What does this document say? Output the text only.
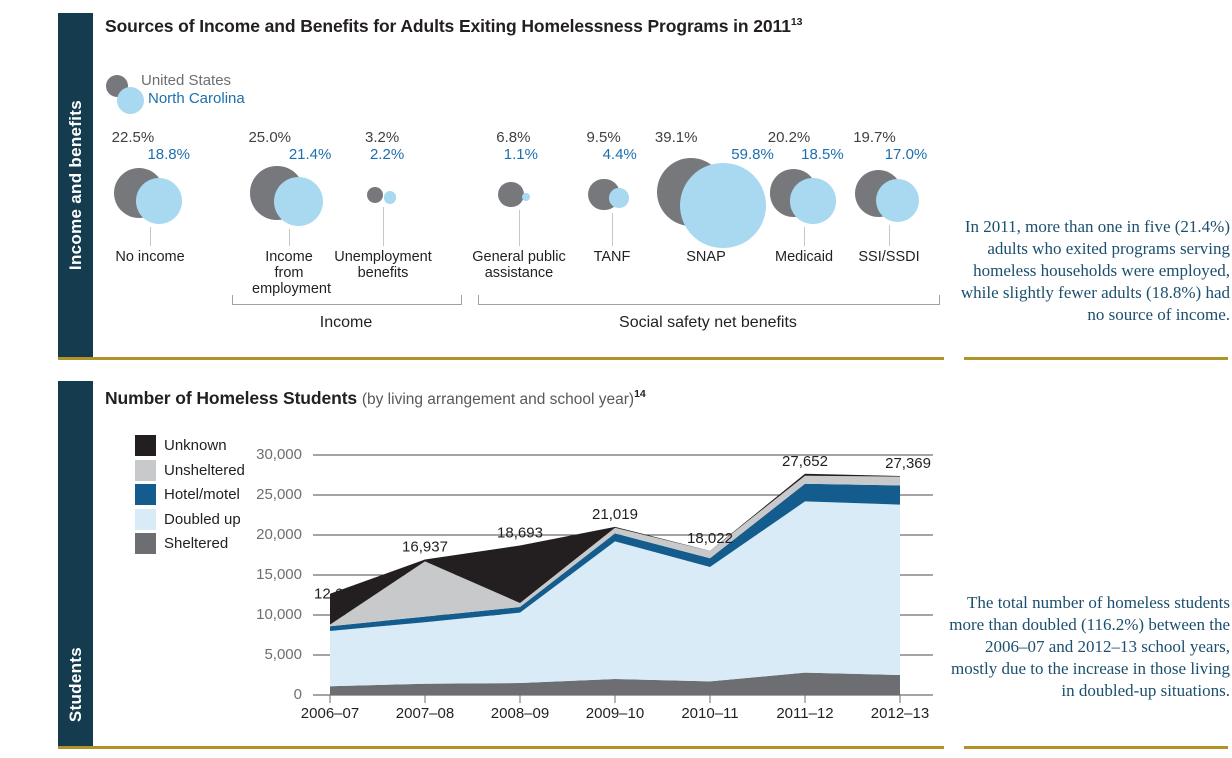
Income and benefits
Sources of Income and Benefits for Adults Exiting Homelessness Programs in 2011$^{13}$
United States
North Carolina
22.5%
18.8%
No income
25.0%
21.4%
Income from employment
3.2%
2.2%
Unemployment benefits
6.8%
1.1%
General public assistance
9.5%
4.4%
TANF
39.1%
59.8%
SNAP
20.2%
18.5%
Medicaid
19.7%
17.0%
SSI/SSDI
Income	Social safety net benefits
In 2011, more than one in five (21.4%) adults who exited programs serving homeless households were employed, while slightly fewer adults (18.8%) had no source of income.
Students
Number of Homeless Students (by living arrangement and school year)$^{14}$
Unknown
Unsheltered
Hotel/motel
Doubled up
Sheltered
0
5,000
10,000
15,000
20,000
25,000
30,000
2006–07	2007–08	2008–09	2009–10	2010–11	2011–12	2012–13
12,659
16,937
18,693
21,019
18,022
27,652	27,369
The total number of homeless students more than doubled (116.2%) between the 2006–07 and 2012–13 school years, mostly due to the increase in those living in doubled-up situations.
